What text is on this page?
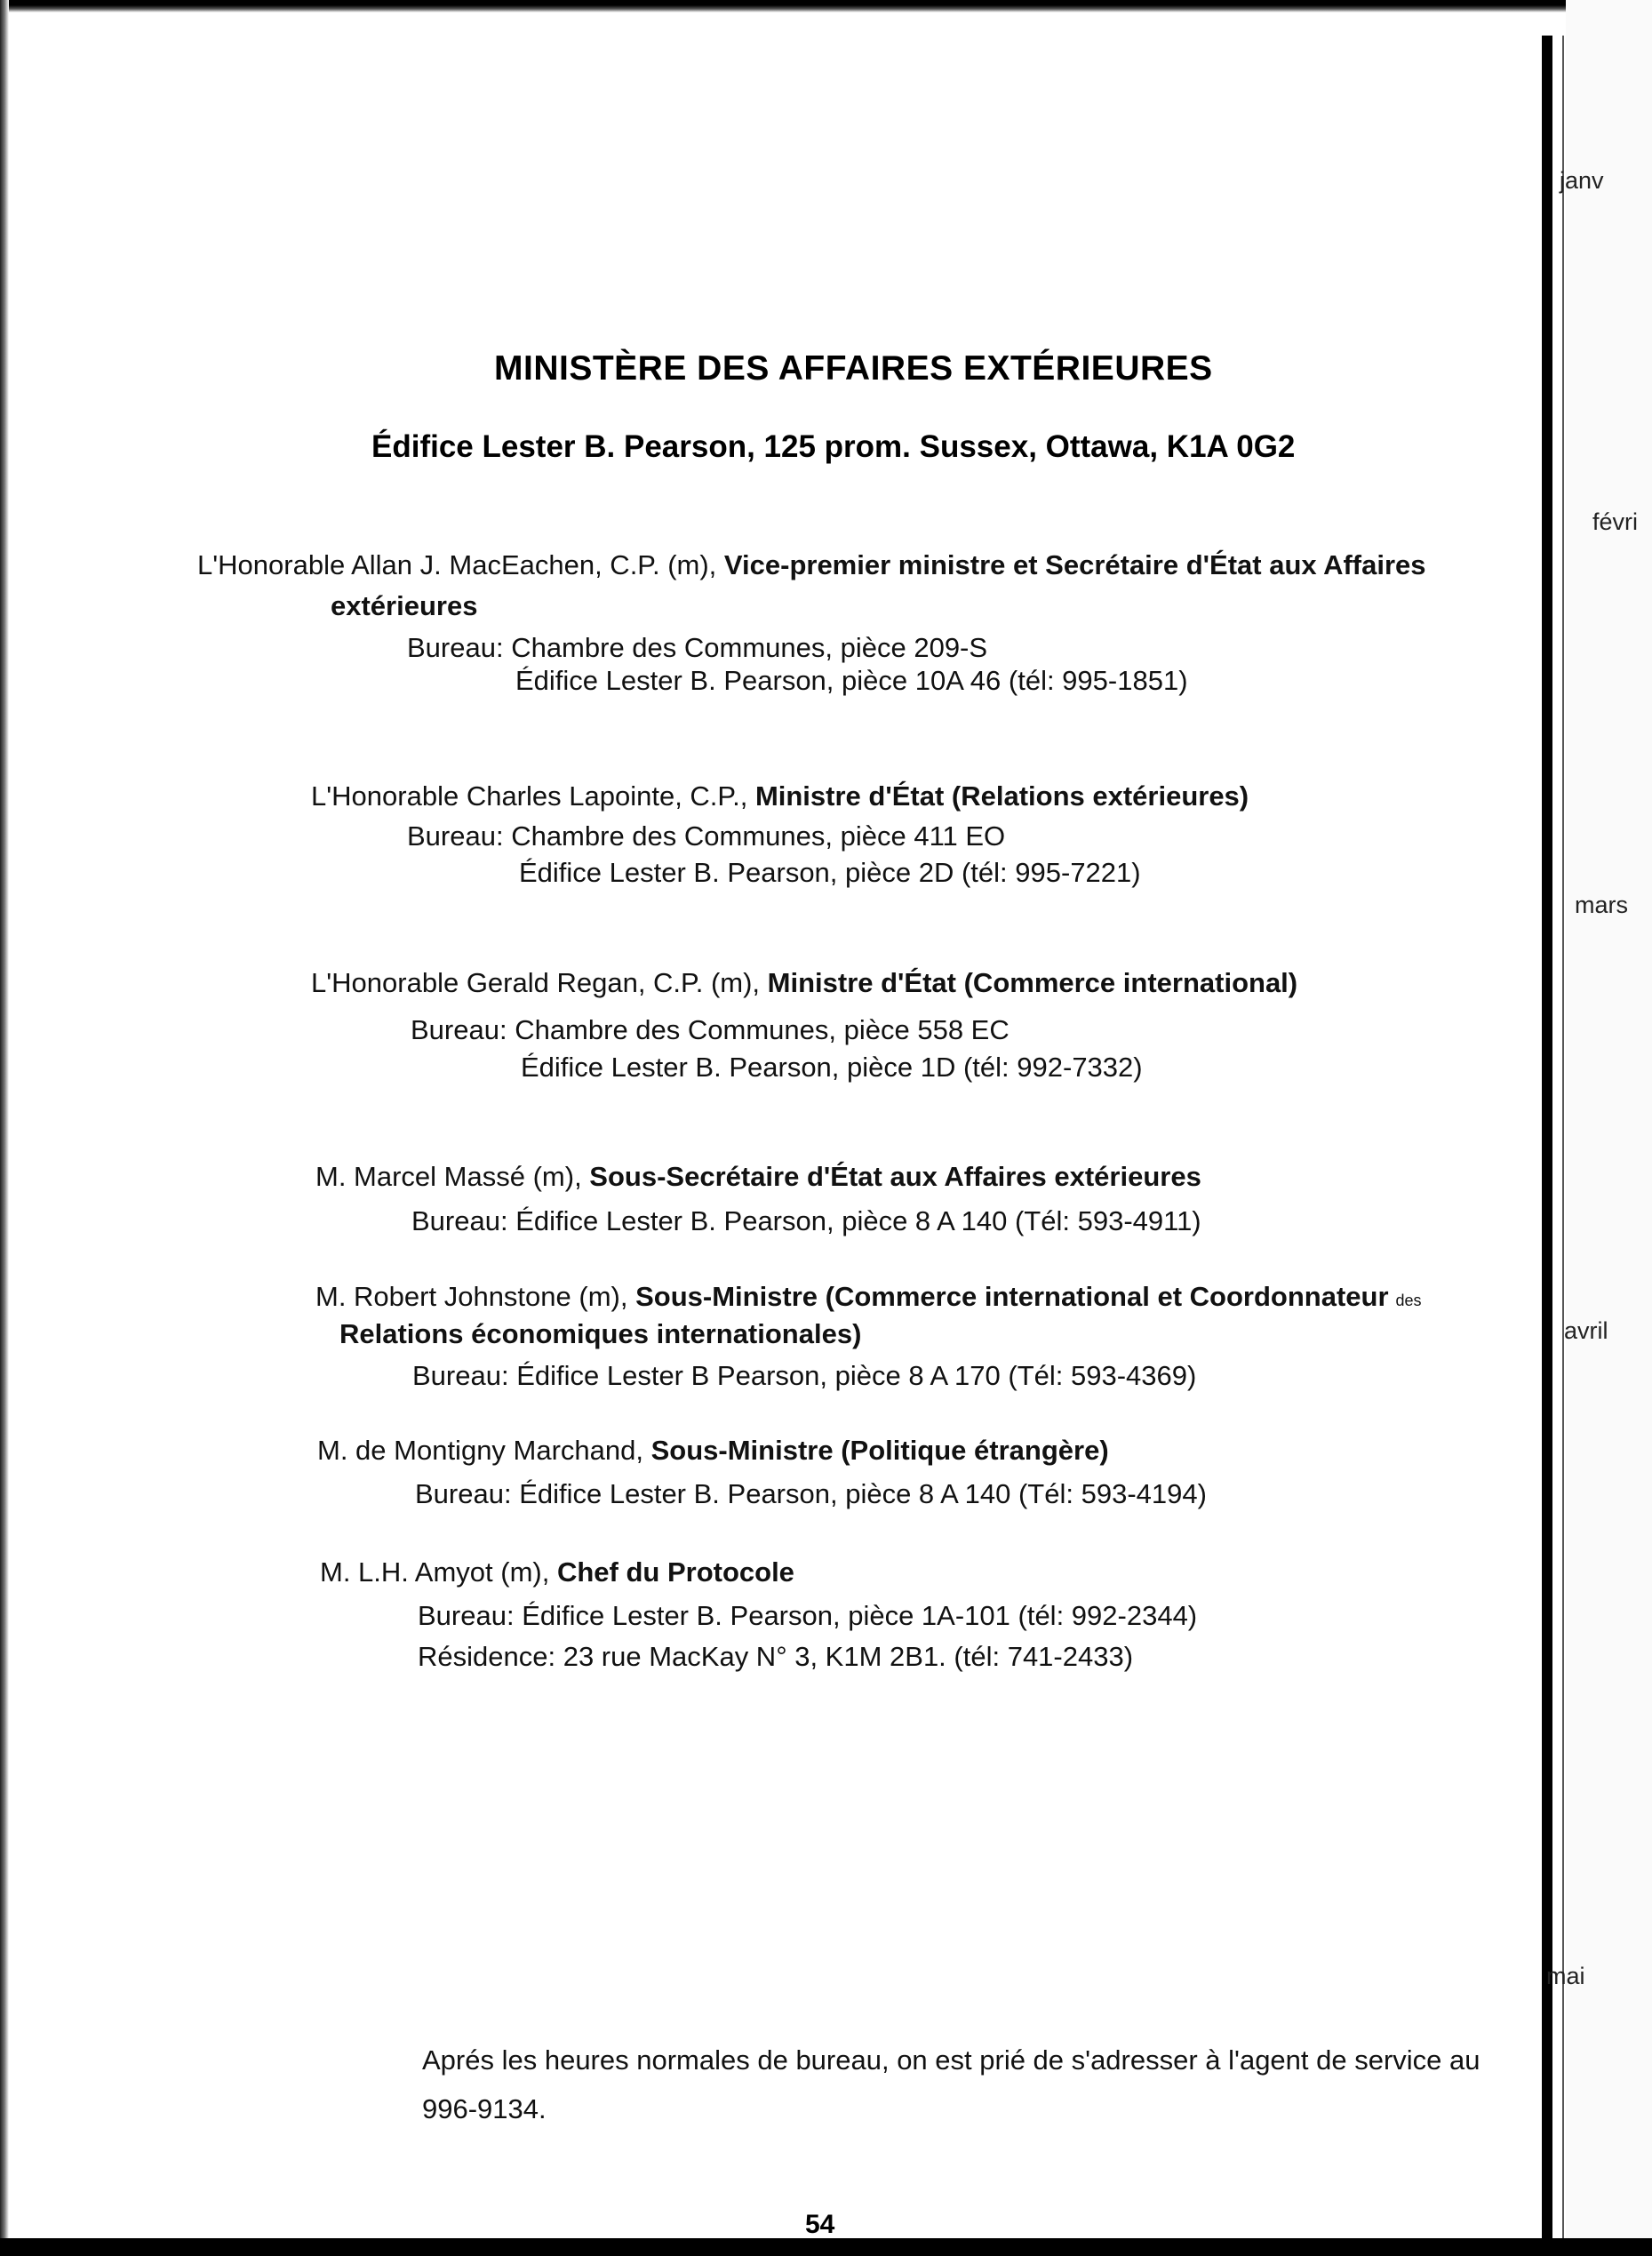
MINISTÈRE DES AFFAIRES EXTÉRIEURES
Édifice Lester B. Pearson, 125 prom. Sussex, Ottawa, K1A 0G2
L'Honorable Allan J. MacEachen, C.P. (m), Vice-premier ministre et Secrétaire d'État aux Affaires
extérieures
Bureau: Chambre des Communes, pièce 209-S
Édifice Lester B. Pearson, pièce 10A 46 (tél: 995-1851)
L'Honorable Charles Lapointe, C.P., Ministre d'État (Relations extérieures)
Bureau: Chambre des Communes, pièce 411 EO
Édifice Lester B. Pearson, pièce 2D (tél: 995-7221)
L'Honorable Gerald Regan, C.P. (m), Ministre d'État (Commerce international)
Bureau: Chambre des Communes, pièce 558 EC
Édifice Lester B. Pearson, pièce 1D (tél: 992-7332)
M. Marcel Massé (m), Sous-Secrétaire d'État aux Affaires extérieures
Bureau: Édifice Lester B. Pearson, pièce 8 A 140 (Tél: 593-4911)
M. Robert Johnstone (m), Sous-Ministre (Commerce international et Coordonnateur des
Relations économiques internationales)
Bureau: Édifice Lester B Pearson, pièce 8 A 170 (Tél: 593-4369)
M. de Montigny Marchand, Sous-Ministre (Politique étrangère)
Bureau: Édifice Lester B. Pearson, pièce 8 A 140 (Tél: 593-4194)
M. L.H. Amyot (m), Chef du Protocole
Bureau: Édifice Lester B. Pearson, pièce 1A-101 (tél: 992-2344)
Résidence: 23 rue MacKay N° 3, K1M 2B1. (tél: 741-2433)
Aprés les heures normales de bureau, on est prié de s'adresser à l'agent de service au 996-9134.
54
janv
févri
mars
avril
mai
